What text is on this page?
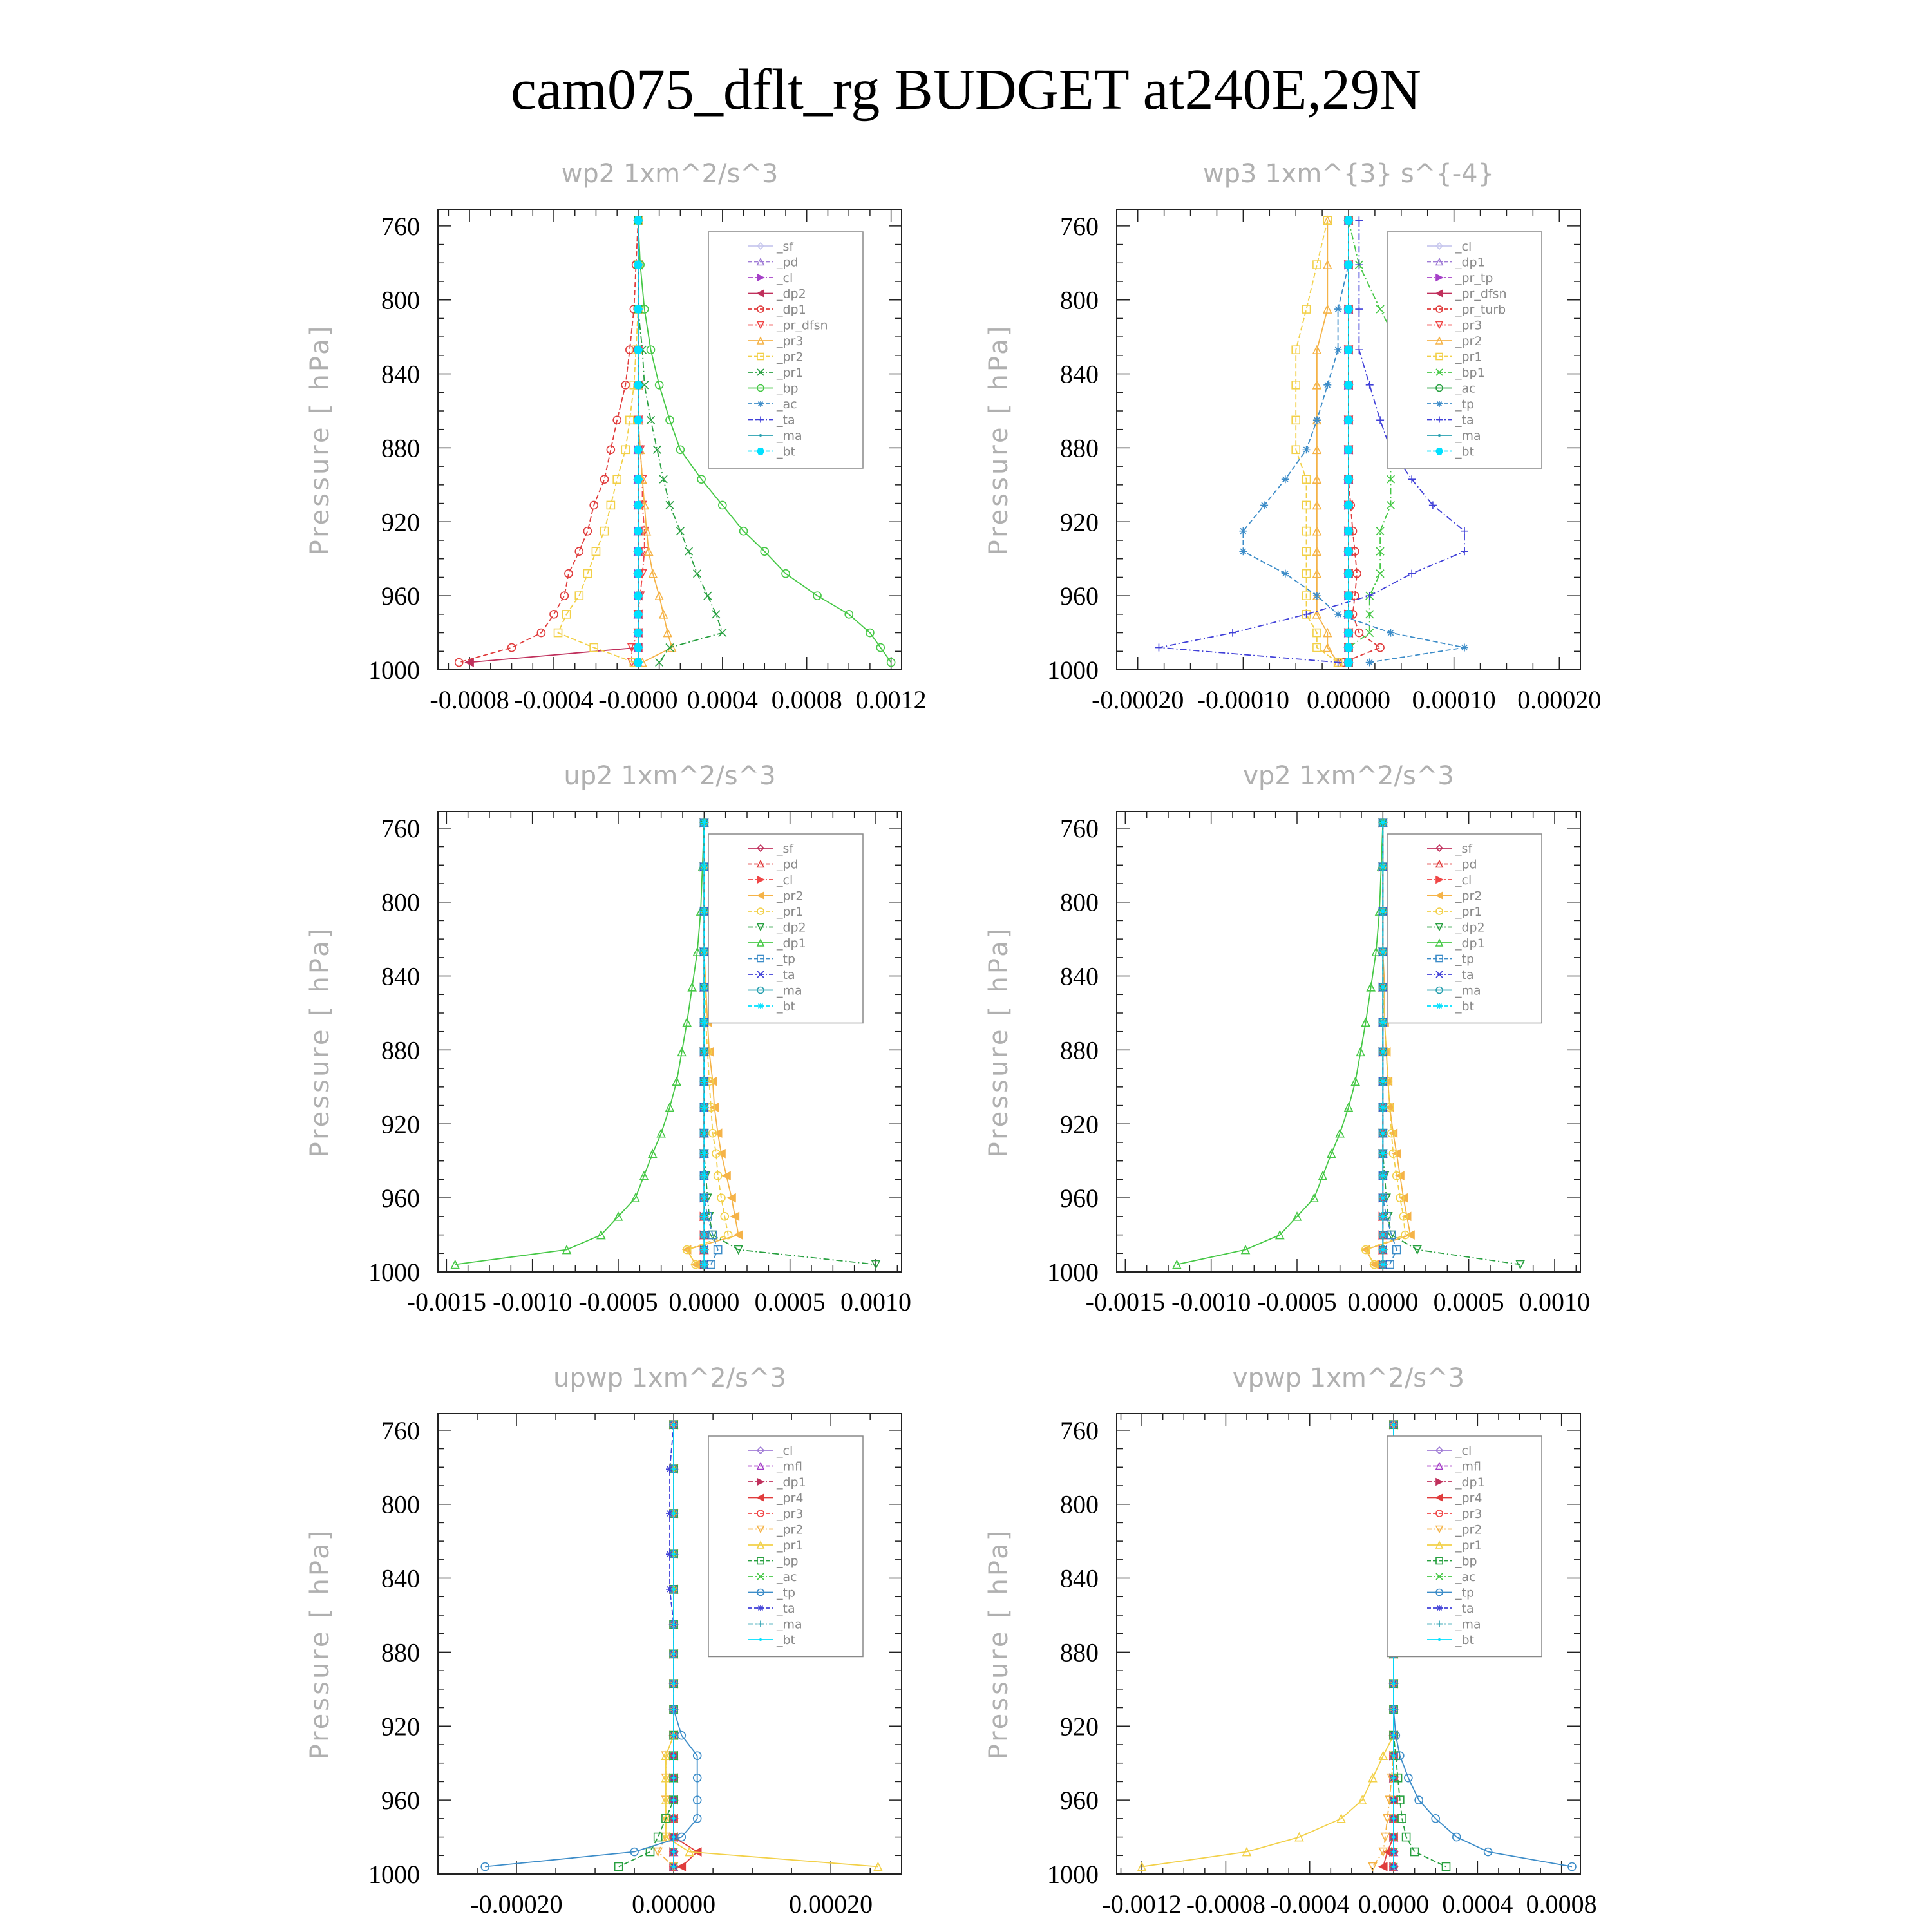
cam075_dflt_rg BUDGET at240E,29N
wp2 1xm^2/s^3
Pressure [ hPa]
760
800
840
880
920
960
1000
-0.0008 -0.0004 -0.0000 0.0004 0.0008 0.0012
_sf
_pd
_cl
_dp2
_dp1
_pr_dfsn
_pr3
_pr2
_pr1
_bp
_ac
_ta
_ma
_bt
wp3 1xm^{3} s^{-4}
Pressure [ hPa]
760
800
840
880
920
960
1000
-0.00020 -0.00010 0.00000 0.00010 0.00020
_cl
_dp1
_pr_tp
_pr_dfsn
_pr_turb
_pr3
_pr2
_pr1
_bp1
_ac
_tp
_ta
_ma
_bt
up2 1xm^2/s^3
Pressure [ hPa]
760
800
840
880
920
960
1000
-0.0015 -0.0010 -0.0005 0.0000 0.0005 0.0010
_sf
_pd
_cl
_pr2
_pr1
_dp2
_dp1
_tp
_ta
_ma
_bt
vp2 1xm^2/s^3
Pressure [ hPa]
760
800
840
880
920
960
1000
-0.0015 -0.0010 -0.0005 0.0000 0.0005 0.0010
_sf
_pd
_cl
_pr2
_pr1
_dp2
_dp1
_tp
_ta
_ma
_bt
upwp 1xm^2/s^3
Pressure [ hPa]
760
800
840
880
920
960
1000
-0.00020	0.00000	0.00020
_cl
_mfl
_dp1
_pr4
_pr3
_pr2
_pr1
_bp
_ac
_tp
_ta
_ma
_bt
vpwp 1xm^2/s^3
Pressure [ hPa]
760
800
840
880
920
960
1000
-0.0012 -0.0008 -0.0004 0.0000 0.0004 0.0008
_cl
_mfl
_dp1
_pr4
_pr3
_pr2
_pr1
_bp
_ac
_tp
_ta
_ma
_bt
